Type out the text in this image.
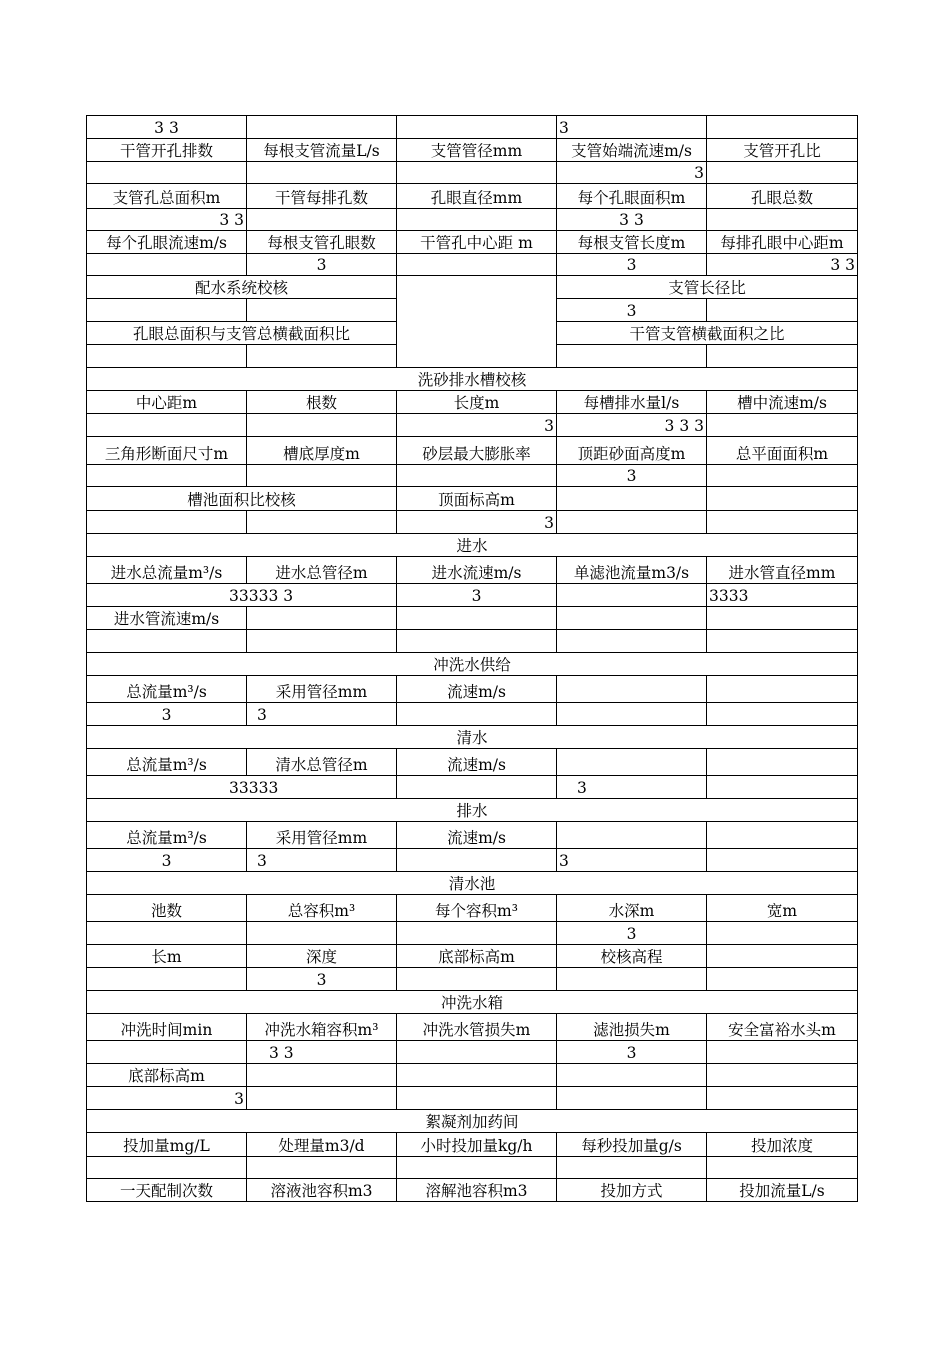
3 3			3	
干管开孔排数	每根支管流量L/s	支管管径mm	支管始端流速m/s	支管开孔比
			3	
支管孔总面积m	干管每排孔数	孔眼直径mm	每个孔眼面积m	孔眼总数
3 3			3 3	
每个孔眼流速m/s	每根支管孔眼数	干管孔中心距 m	每根支管长度m	每排孔眼中心距m
	3		3	3 3
配水系统校核			支管长径比	
			3	
孔眼总面积与支管总横截面积比			干管支管横截面积之比	

洗砂排水槽校核				
中心距m	根数	长度m	每槽排水量l/s	槽中流速m/s
		3	3 3 3	
三角形断面尺寸m	槽底厚度m	砂层最大膨胀率	顶距砂面高度m	总平面面积m
			3	
槽池面积比校核		顶面标高m		
		3		
进水				
进水总流量m³/s	进水总管径m	进水流速m/s	单滤池流量m3/s	进水管直径mm
33333 3		3		3333
进水管流速m/s				

冲洗水供给				
总流量m³/s	采用管径mm	流速m/s		
3	3			
清水				
总流量m³/s	清水总管径m	流速m/s		
33333			3	
排水				
总流量m³/s	采用管径mm	流速m/s		
3	3		3	
清水池				
池数	总容积m³	每个容积m³	水深m	宽m
			3	
长m	深度	底部标高m	校核高程	
	3			
冲洗水箱				
冲洗时间min	冲洗水箱容积m³	冲洗水管损失m	滤池损失m	安全富裕水头m
	3 3		3	
底部标高m				
3				
絮凝剂加药间				
投加量mg/L	处理量m3/d	小时投加量kg/h	每秒投加量g/s	投加浓度

一天配制次数	溶液池容积m3	溶解池容积m3	投加方式	投加流量L/s
